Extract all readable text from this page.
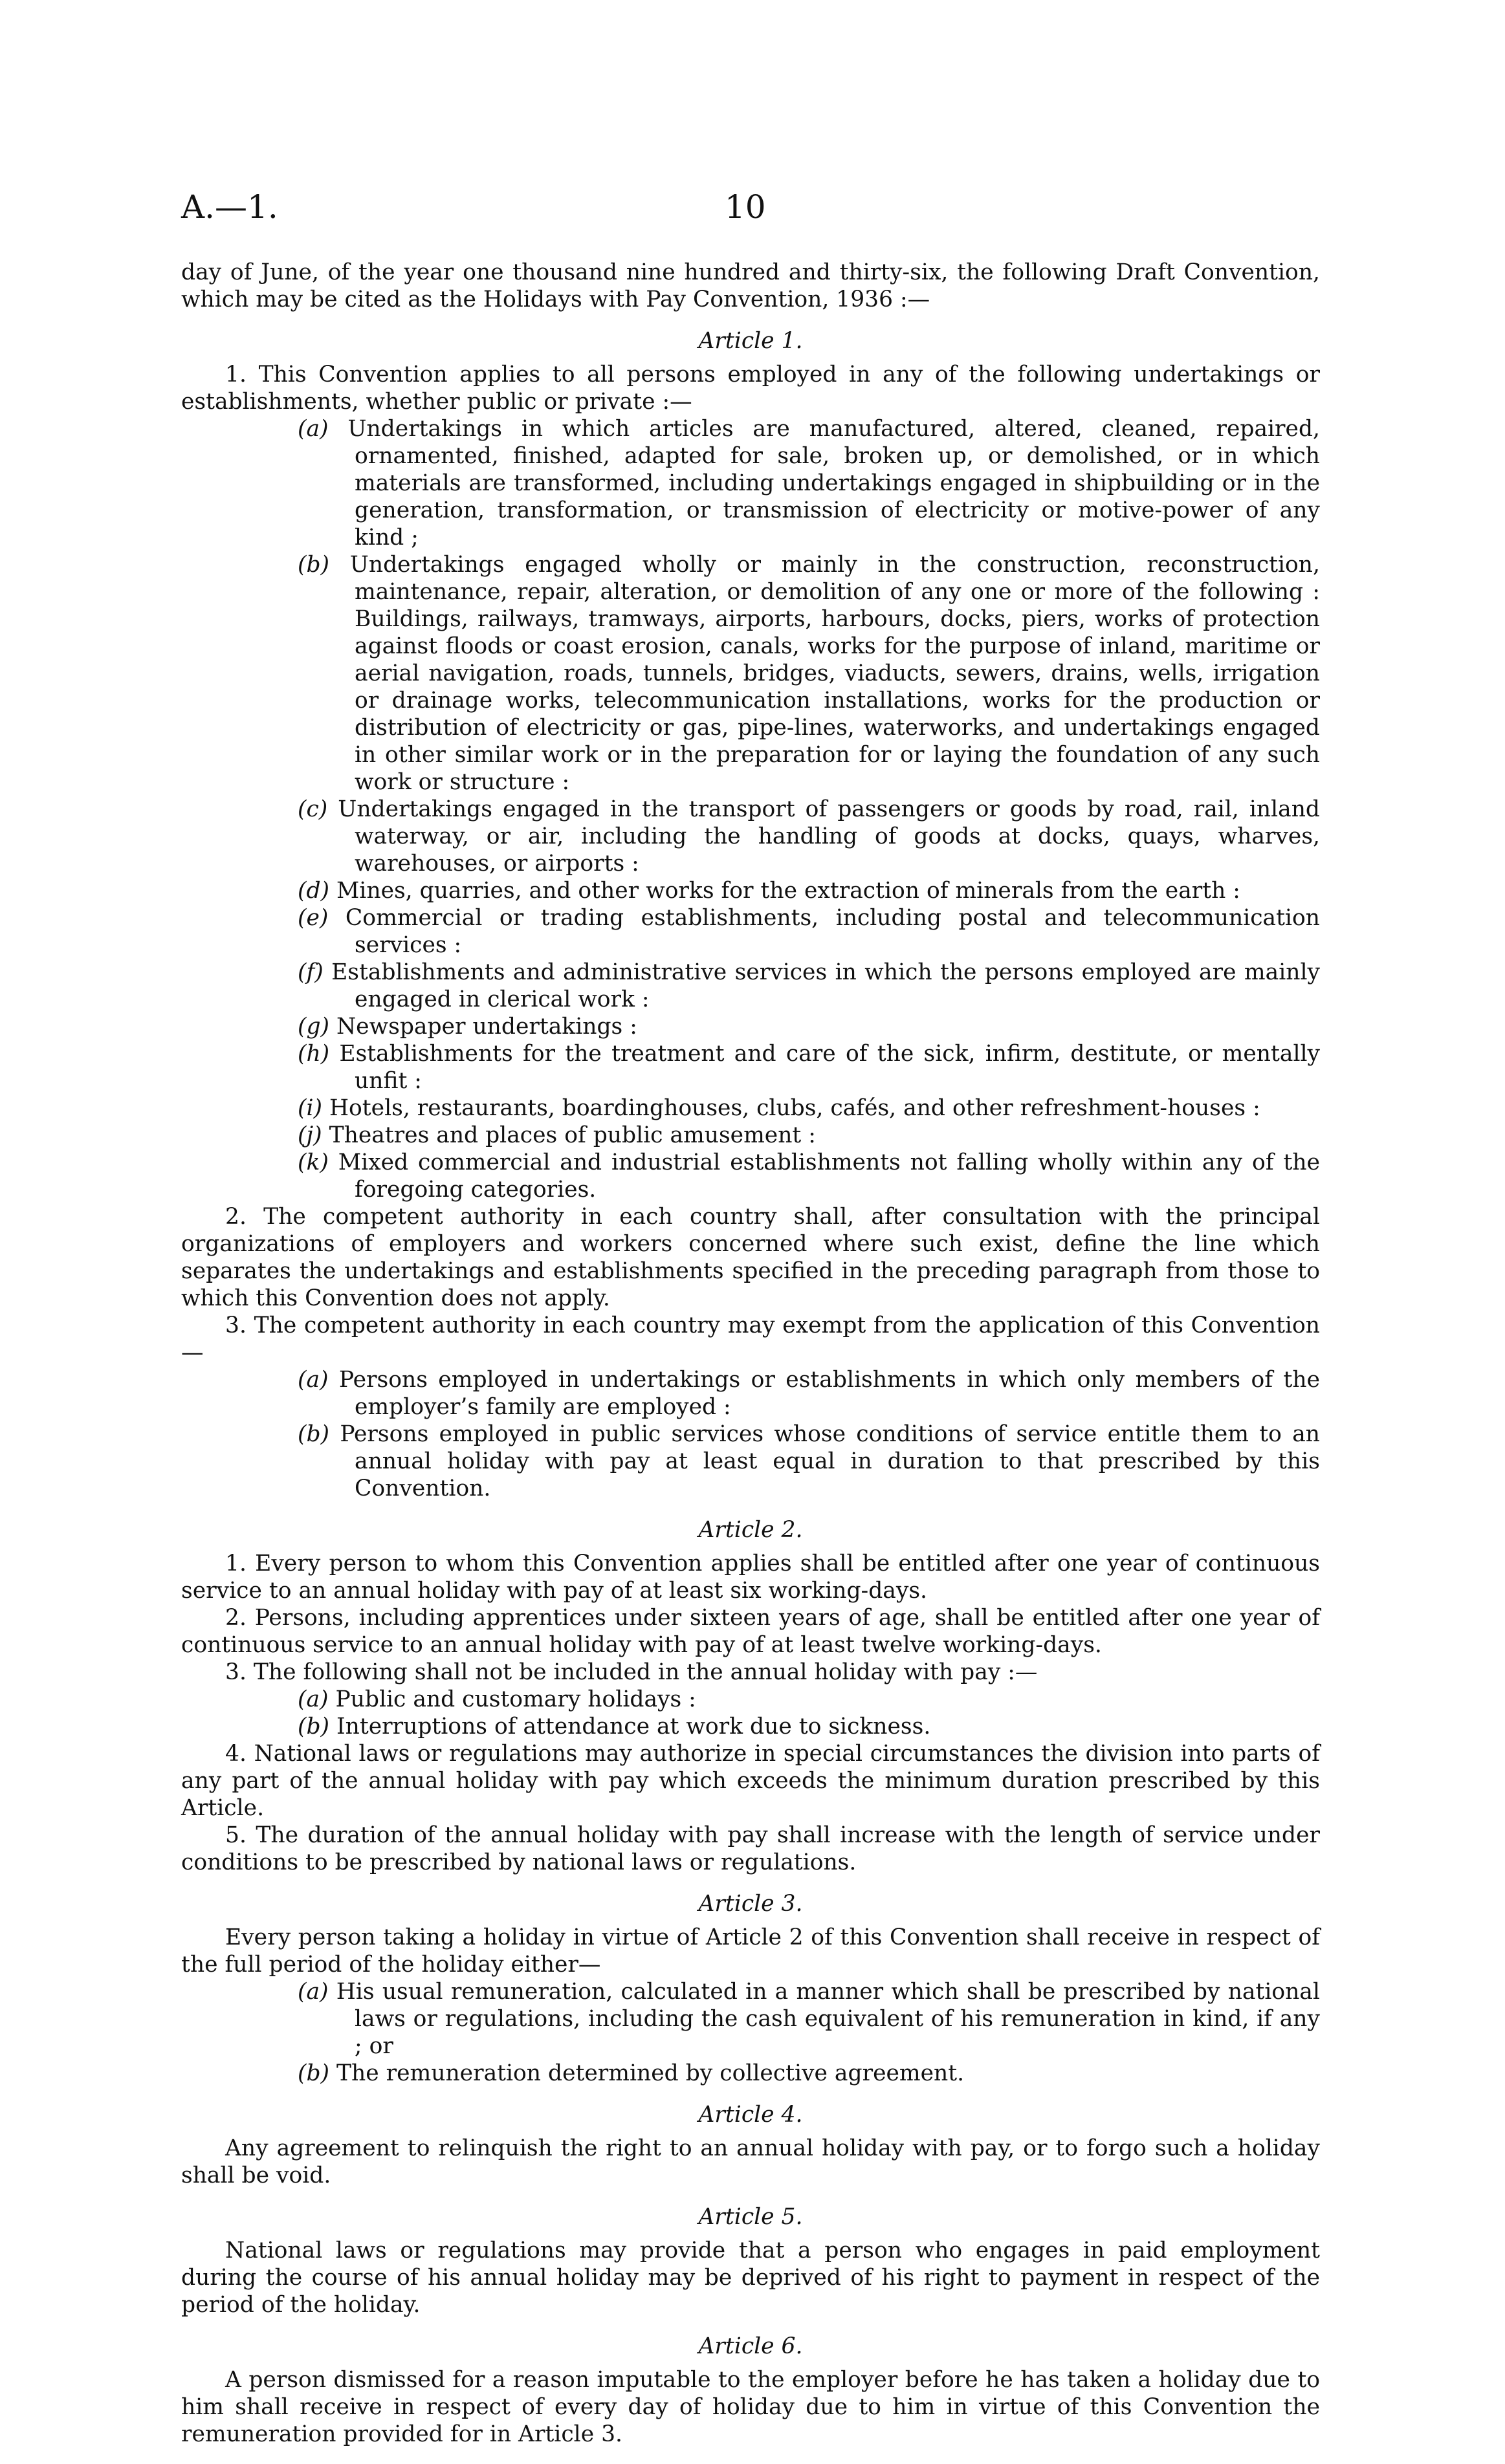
A.—1.	10

day of June, of the year one thousand nine hundred and thirty-six, the following Draft Convention, which may be cited as the Holidays with Pay Convention, 1936 :—

Article 1.

1. This Convention applies to all persons employed in any of the following undertakings or establishments, whether public or private :—

(a) Undertakings in which articles are manufactured, altered, cleaned, repaired, ornamented, finished, adapted for sale, broken up, or demolished, or in which materials are transformed, including undertakings engaged in shipbuilding or in the generation, transformation, or transmission of electricity or motive-power of any kind ;
(b) Undertakings engaged wholly or mainly in the construction, reconstruction, maintenance, repair, alteration, or demolition of any one or more of the following : Buildings, railways, tramways, airports, harbours, docks, piers, works of protection against floods or coast erosion, canals, works for the purpose of inland, maritime or aerial navigation, roads, tunnels, bridges, viaducts, sewers, drains, wells, irrigation or drainage works, telecommunication installations, works for the production or distribution of electricity or gas, pipe-lines, waterworks, and undertakings engaged in other similar work or in the preparation for or laying the foundation of any such work or structure :
(c) Undertakings engaged in the transport of passengers or goods by road, rail, inland waterway, or air, including the handling of goods at docks, quays, wharves, warehouses, or airports :
(d) Mines, quarries, and other works for the extraction of minerals from the earth :
(e) Commercial or trading establishments, including postal and telecommunication services :
(f) Establishments and administrative services in which the persons employed are mainly engaged in clerical work :
(g) Newspaper undertakings :
(h) Establishments for the treatment and care of the sick, infirm, destitute, or mentally unfit :
(i) Hotels, restaurants, boardinghouses, clubs, cafés, and other refreshment-houses :
(j) Theatres and places of public amusement :
(k) Mixed commercial and industrial establishments not falling wholly within any of the foregoing categories.

2. The competent authority in each country shall, after consultation with the principal organizations of employers and workers concerned where such exist, define the line which separates the undertakings and establishments specified in the preceding paragraph from those to which this Convention does not apply.

3. The competent authority in each country may exempt from the application of this Convention—

(a) Persons employed in undertakings or establishments in which only members of the employer’s family are employed :
(b) Persons employed in public services whose conditions of service entitle them to an annual holiday with pay at least equal in duration to that prescribed by this Convention.
Article 2.

1. Every person to whom this Convention applies shall be entitled after one year of continuous service to an annual holiday with pay of at least six working-days.

2. Persons, including apprentices under sixteen years of age, shall be entitled after one year of continuous service to an annual holiday with pay of at least twelve working-days.

3. The following shall not be included in the annual holiday with pay :—

(a) Public and customary holidays :
(b) Interruptions of attendance at work due to sickness.

4. National laws or regulations may authorize in special circumstances the division into parts of any part of the annual holiday with pay which exceeds the minimum duration prescribed by this Article.

5. The duration of the annual holiday with pay shall increase with the length of service under conditions to be prescribed by national laws or regulations.

Article 3.

Every person taking a holiday in virtue of Article 2 of this Convention shall receive in respect of the full period of the holiday either—

(a) His usual remuneration, calculated in a manner which shall be prescribed by national laws or regulations, including the cash equivalent of his remuneration in kind, if any ; or
(b) The remuneration determined by collective agreement.
Article 4.

Any agreement to relinquish the right to an annual holiday with pay, or to forgo such a holiday shall be void.

Article 5.

National laws or regulations may provide that a person who engages in paid employment during the course of his annual holiday may be deprived of his right to payment in respect of the period of the holiday.

Article 6.

A person dismissed for a reason imputable to the employer before he has taken a holiday due to him shall receive in respect of every day of holiday due to him in virtue of this Convention the remuneration provided for in Article 3.
